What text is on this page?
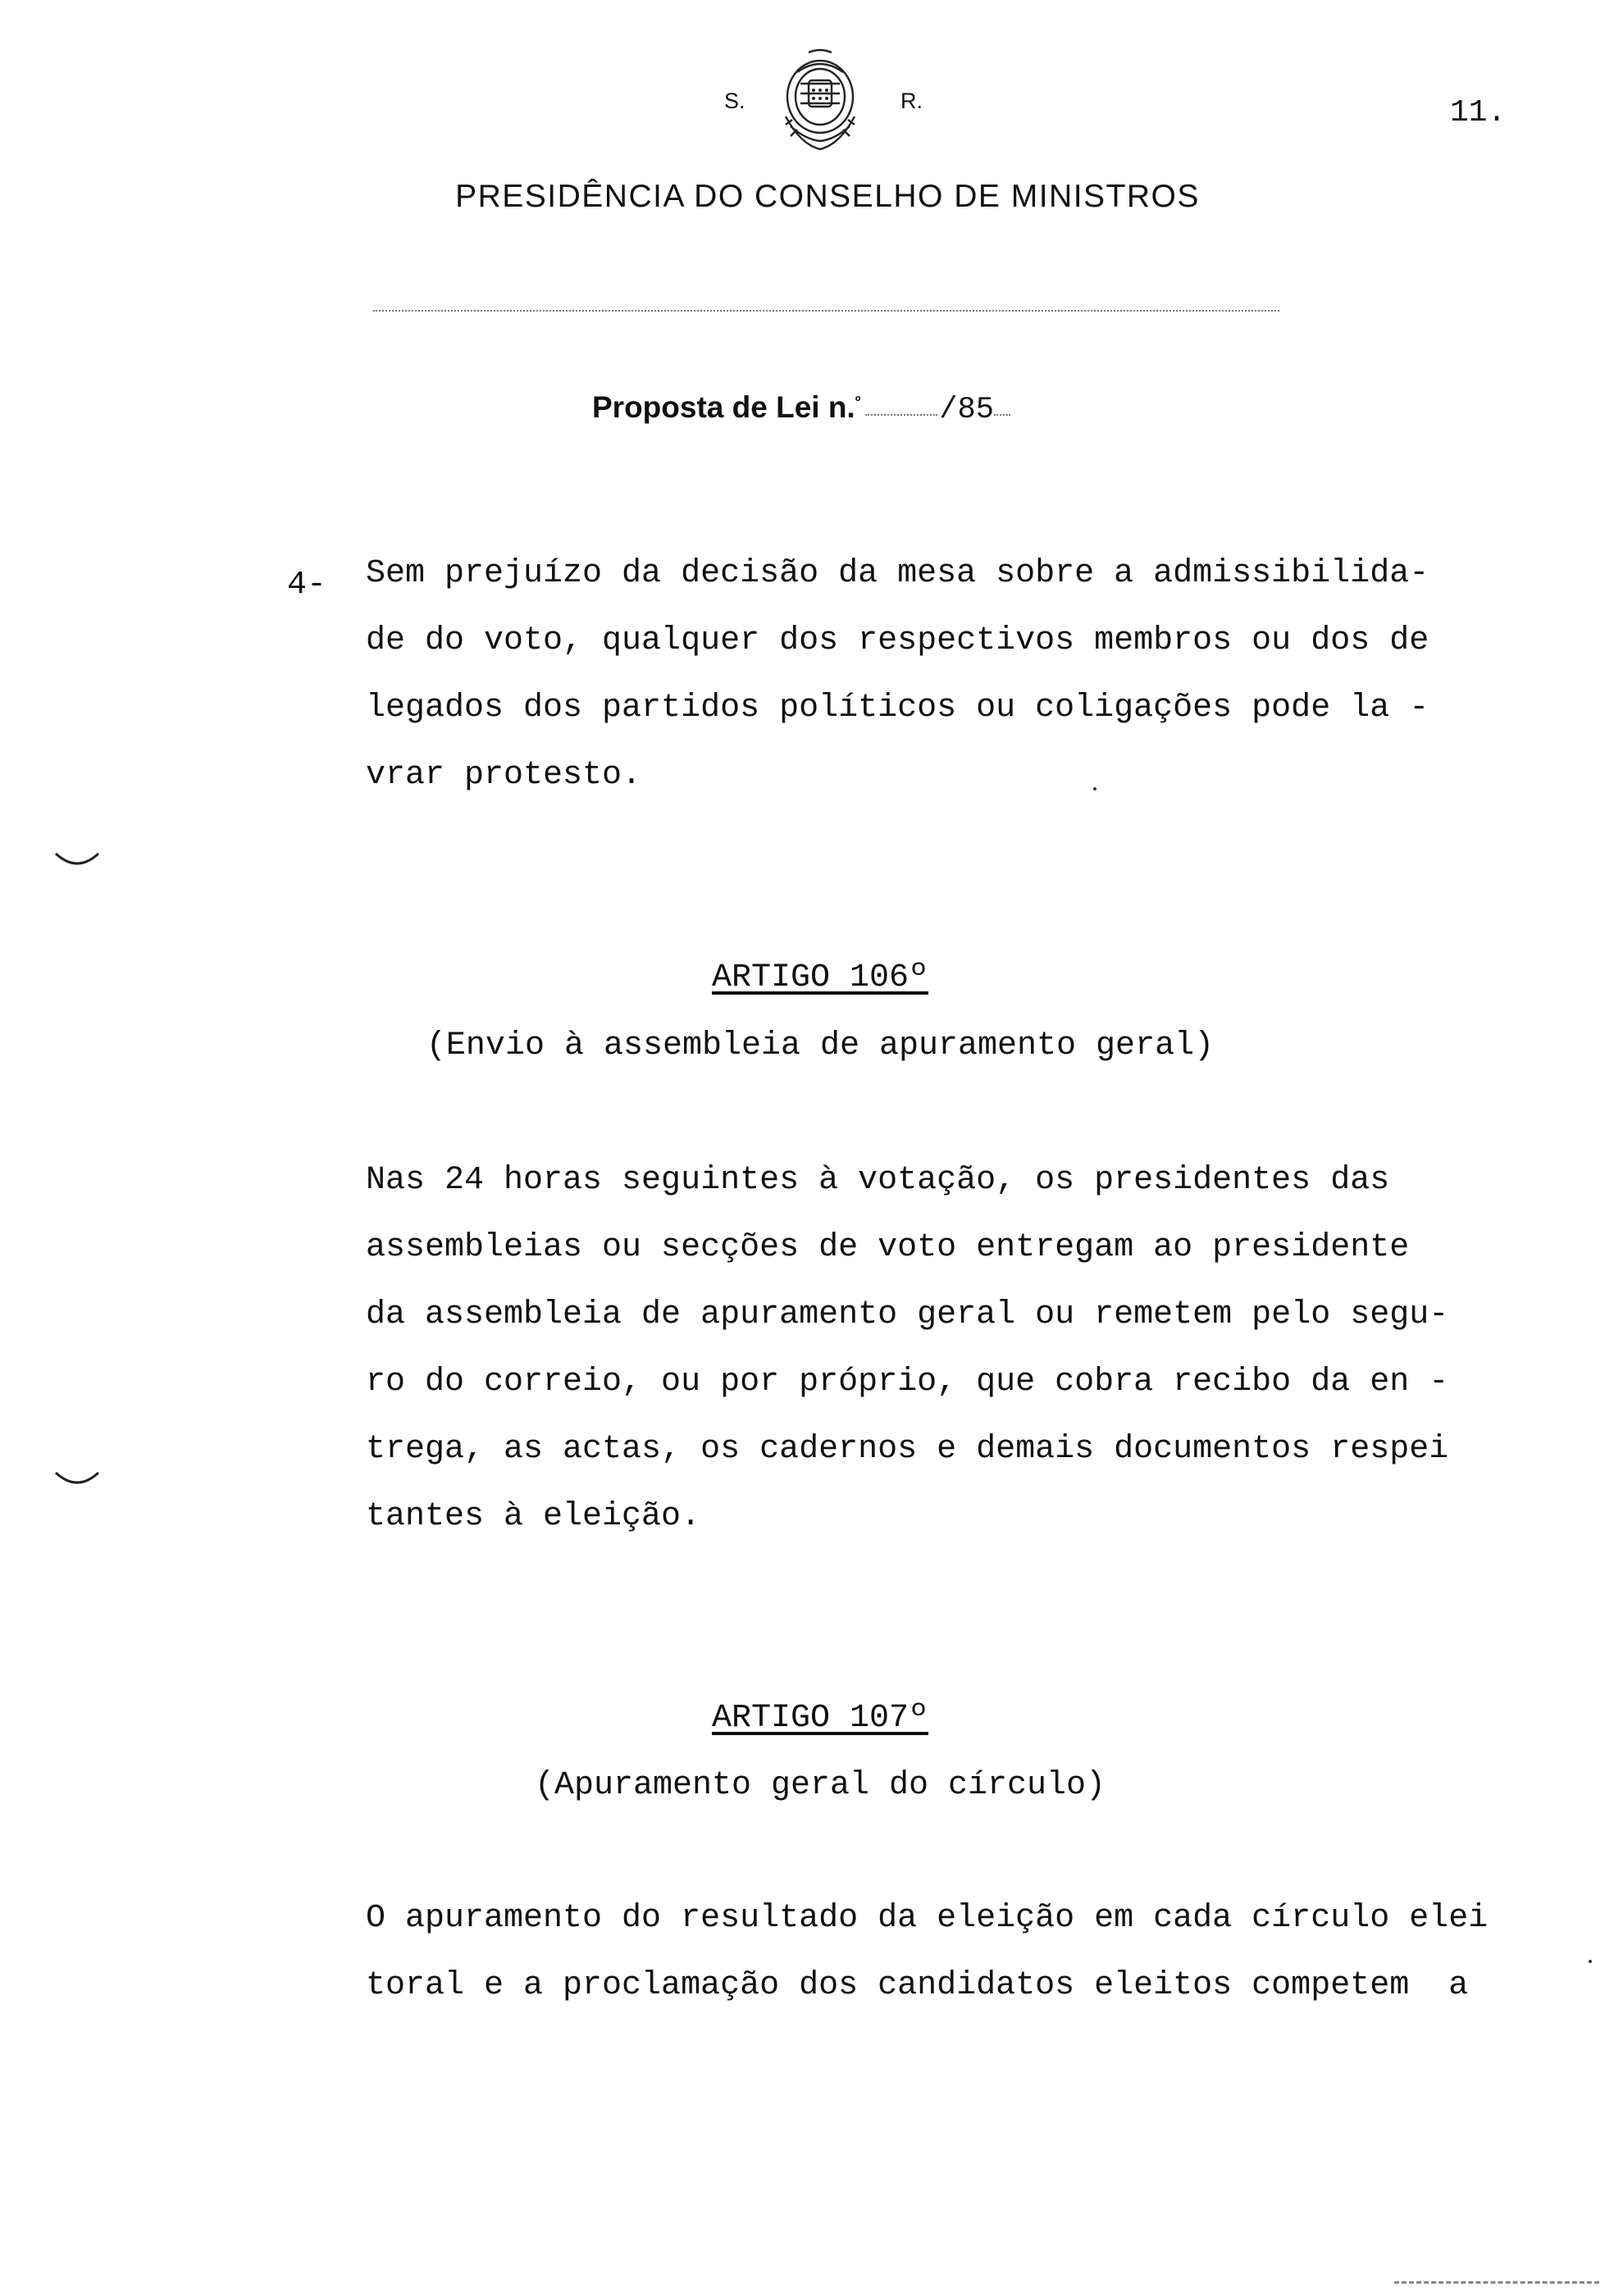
S.	R.	11.
PRESIDÊNCIA DO CONSELHO DE MINISTROS
Proposta de Lei n.$^º$	/85
4- Sem prejuízo da decisão da mesa sobre a admissibilida-
de do voto, qualquer dos respectivos membros ou dos de
legados dos partidos políticos ou coligações pode la -
vrar protesto.
ARTIGO 106º
(Envio à assembleia de apuramento geral)
Nas 24 horas seguintes à votação, os presidentes das
assembleias ou secções de voto entregam ao presidente
da assembleia de apuramento geral ou remetem pelo segu-
ro do correio, ou por próprio, que cobra recibo da en -
trega, as actas, os cadernos e demais documentos respei
tantes à eleição.
ARTIGO 107º
(Apuramento geral do círculo)
O apuramento do resultado da eleição em cada círculo elei
toral e a proclamação dos candidatos eleitos competem  a
